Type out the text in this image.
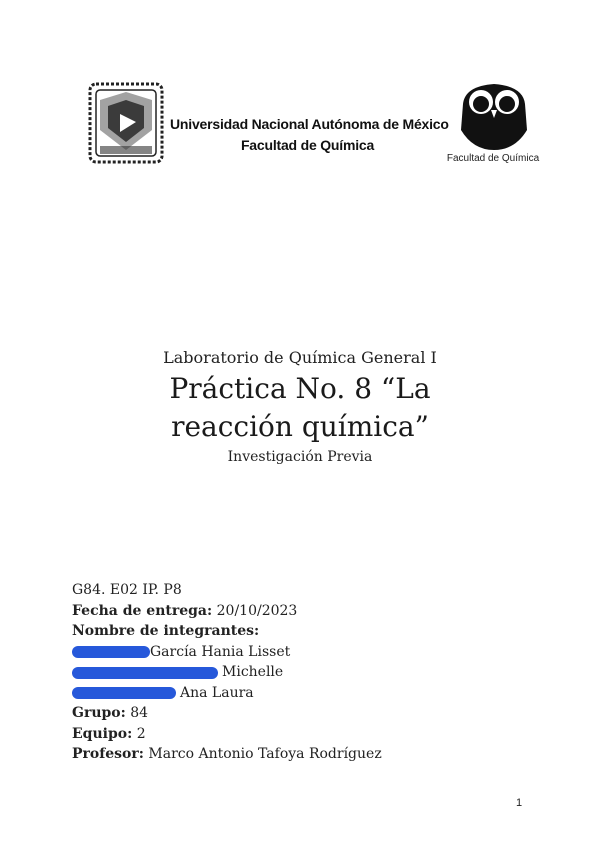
Universidad Nacional Autónoma de México
Facultad de Química
Facultad de Química
Laboratorio de Química General I
Práctica No. 8 “La reacción química”
Investigación Previa
G84. E02 IP. P8
Fecha de entrega: 20/10/2023
Nombre de integrantes:
García Hania Lisset
Michelle
Ana Laura
Grupo: 84
Equipo: 2
Profesor: Marco Antonio Tafoya Rodríguez
1
